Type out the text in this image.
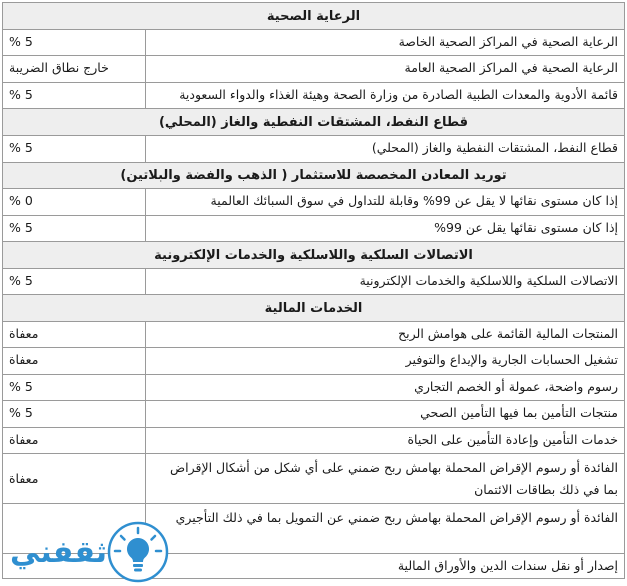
الرعاية الصحية
الرعاية الصحية في المراكز الصحية الخاصة
5 %
الرعاية الصحية في المراكز الصحية العامة
خارج نطاق الضريبة
قائمة الأدوية والمعدات الطبية الصادرة من وزارة الصحة وهيئة الغذاء والدواء السعودية
5 %
قطاع النفط، المشتقات النفطية والغاز (المحلي)
قطاع النفط، المشتقات النفطية والغاز (المحلي)
5 %
توريد المعادن المخصصة للاستثمار ( الذهب والفضة والبلاتين)
إذا كان مستوى نقائها لا يقل عن 99% وقابلة للتداول في سوق السبائك العالمية
0 %
إذا كان مستوى نقائها يقل عن 99%
5 %
الاتصالات السلكية واللاسلكية والخدمات الإلكترونية
الاتصالات السلكية واللاسلكية والخدمات الإلكترونية
5 %
الخدمات المالية
المنتجات المالية القائمة على هوامش الربح
معفاة
تشغيل الحسابات الجارية والإيداع والتوفير
معفاة
رسوم واضحة، عمولة أو الخصم التجاري
5 %
منتجات التأمين بما فيها التأمين الصحي
5 %
خدمات التأمين وإعادة التأمين على الحياة
معفاة
الفائدة أو رسوم الإقراض المحملة بهامش ربح ضمني على أي شكل من أشكال الإقراض بما في ذلك بطاقات الائتمان
معفاة
الفائدة أو رسوم الإقراض المحملة بهامش ربح ضمني عن التمويل بما في ذلك التأجيري
إصدار أو نقل سندات الدين والأوراق المالية
ثقفني
